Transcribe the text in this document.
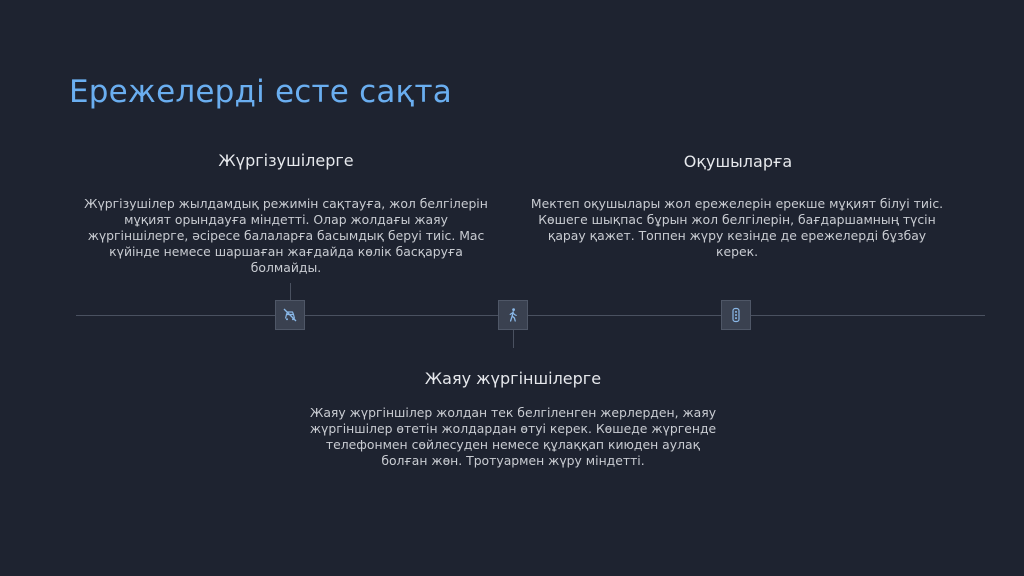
Ережелерді есте сақта
Жүргізушілерге

Жүргізушілер жылдамдық режимін сақтауға, жол белгілерін мұқият орындауға міндетті. Олар жолдағы жаяу жүргіншілерге, әсіресе балаларға басымдық беруі тиіс. Мас күйінде немесе шаршаған жағдайда көлік басқаруға болмайды.

Жаяу жүргіншілерге

Жаяу жүргіншілер жолдан тек белгіленген жерлерден, жаяу жүргіншілер өтетін жолдардан өтуі керек. Көшеде жүргенде телефонмен сөйлесуден немесе құлаққап киюден аулақ болған жөн. Тротуармен жүру міндетті.

Оқушыларға

Мектеп оқушылары жол ережелерін ерекше мұқият білуі тиіс. Көшеге шықпас бұрын жол белгілерін, бағдаршамның түсін қарау қажет. Топпен жүру кезінде де ережелерді бұзбау керек.
